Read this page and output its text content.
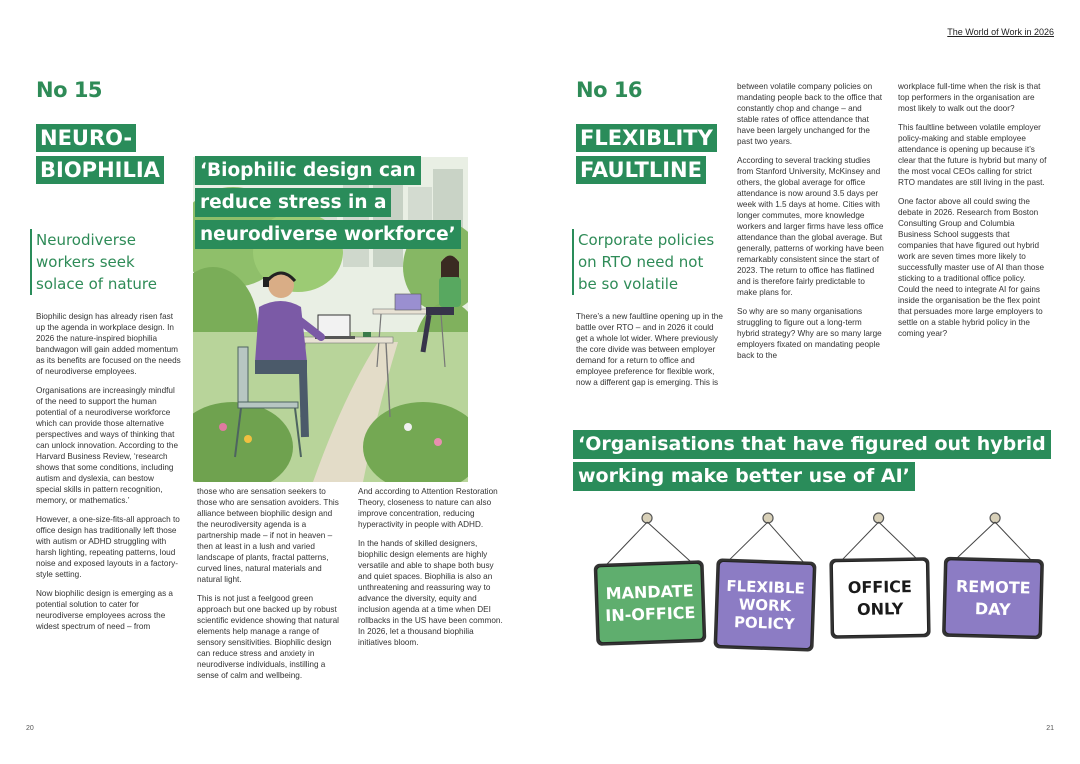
The World of Work in 2026
20	21
No 15
NEURO-
BIOPHILIA
Neurodiverse
workers seek
solace of nature
‘Biophilic design can
reduce stress in a
neurodiverse workforce’

Biophilic design has already risen fast up the agenda in workplace design. In 2026 the nature-inspired biophilia bandwagon will gain added momentum as its benefits are focused on the needs of neurodiverse employees.

Organisations are increasingly mindful of the need to support the human potential of a neurodiverse workforce which can provide those alternative perspectives and ways of thinking that can unlock innovation. According to the Harvard Business Review, ‘research shows that some conditions, including autism and dyslexia, can bestow special skills in pattern recognition, memory, or mathematics.’

However, a one-size-fits-all approach to office design has traditionally left those with autism or ADHD struggling with harsh lighting, repeating patterns, loud noise and exposed layouts in a factory-style setting.

Now biophilic design is emerging as a potential solution to cater for neurodiverse employees across the widest spectrum of need – from

those who are sensation seekers to those who are sensation avoiders. This alliance between biophilic design and the neurodiversity agenda is a partnership made – if not in heaven – then at least in a lush and varied landscape of plants, fractal patterns, curved lines, natural materials and natural light.

This is not just a feelgood green approach but one backed up by robust scientific evidence showing that natural elements help manage a range of sensory sensitivities. Biophilic design can reduce stress and anxiety in neurodiverse individuals, instilling a sense of calm and wellbeing.

And according to Attention Restoration Theory, closeness to nature can also improve concentration, reducing hyperactivity in people with ADHD.

In the hands of skilled designers, biophilic design elements are highly versatile and able to shape both busy and quiet spaces. Biophilia is also an unthreatening and reassuring way to advance the diversity, equity and inclusion agenda at a time when DEI rollbacks in the US have been common. In 2026, let a thousand biophilia initiatives bloom.

No 16
FLEXIBLITY
FAULTLINE
Corporate policies
on RTO need not
be so volatile

There’s a new faultline opening up in the battle over RTO – and in 2026 it could get a whole lot wider. Where previously the core divide was between employer demand for a return to office and employee preference for flexible work, now a different gap is emerging. This is

between volatile company policies on mandating people back to the office that constantly chop and change – and stable rates of office attendance that have been largely unchanged for the past two years.

According to several tracking studies from Stanford University, McKinsey and others, the global average for office attendance is now around 3.5 days per week with 1.5 days at home. Cities with longer commutes, more knowledge workers and larger firms have less office attendance than the global average. But generally, patterns of working have been remarkably consistent since the start of 2023. The return to office has flatlined and is therefore fairly predictable to make plans for.

So why are so many organisations struggling to figure out a long-term hybrid strategy? Why are so many large employers fixated on mandating people back to the

workplace full-time when the risk is that top performers in the organisation are most likely to walk out the door?

This faultline between volatile employer policy-making and stable employee attendance is opening up because it’s clear that the future is hybrid but many of the most vocal CEOs calling for strict RTO mandates are still living in the past.

One factor above all could swing the debate in 2026. Research from Boston Consulting Group and Columbia Business School suggests that companies that have figured out hybrid work are seven times more likely to successfully master use of AI than those sticking to a traditional office policy. Could the need to integrate AI for gains inside the organisation be the flex point that persuades more large employers to settle on a stable hybrid policy in the coming year?

‘Organisations that have figured out hybrid
working make better use of AI’
MANDATE
IN-OFFICE
FLEXIBLE
WORK
POLICY
OFFICE
ONLY
REMOTE
DAY
